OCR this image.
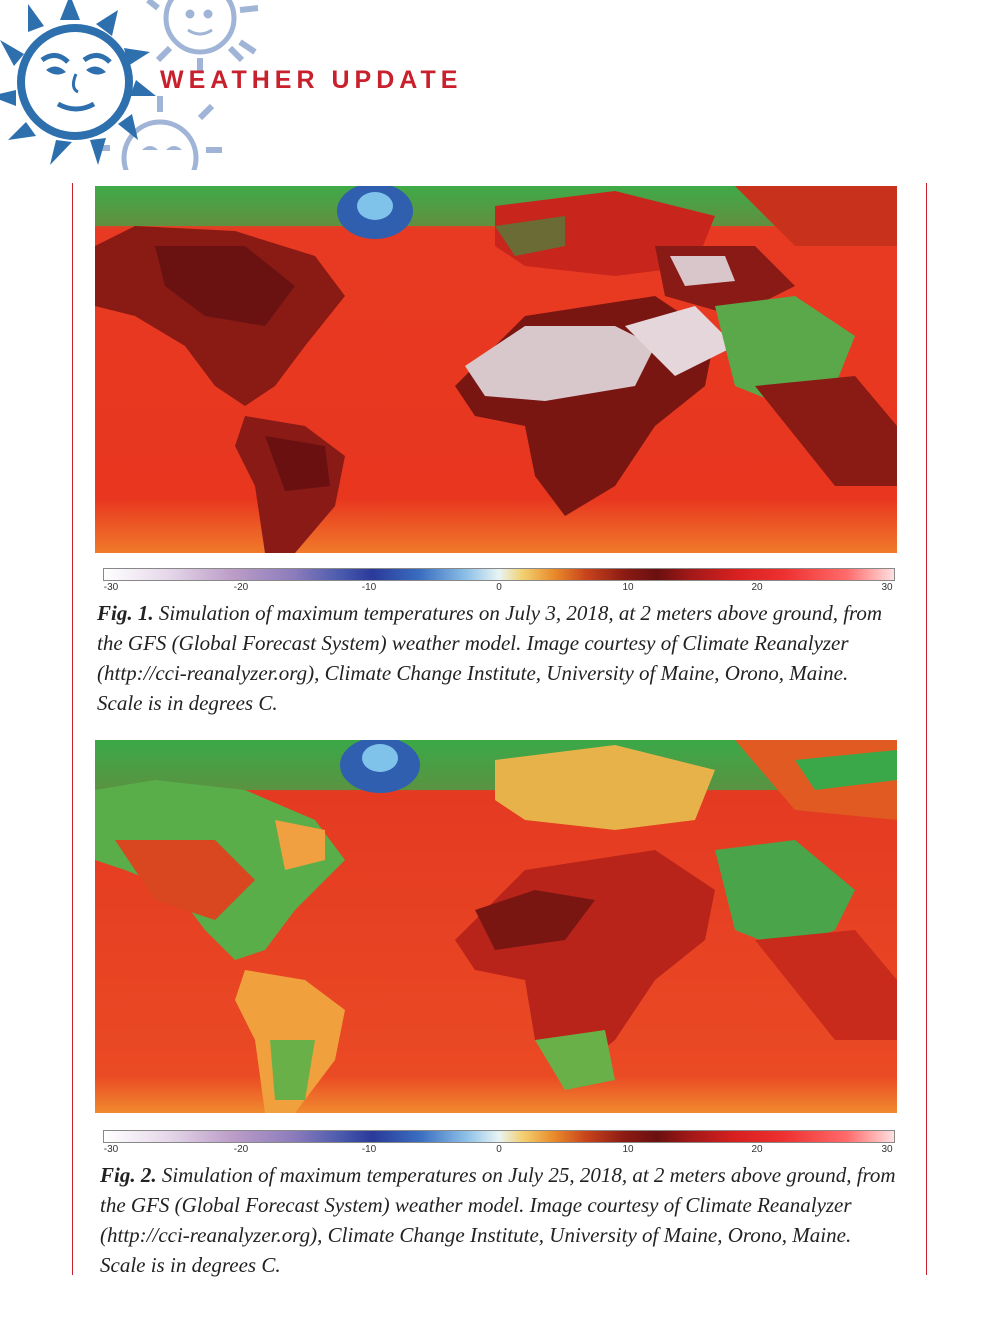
WEATHER UPDATE
-30	-20	-10	0	10	20	30

Fig. 1. Simulation of maximum temperatures on July 3, 2018, at 2 meters above ground, from the GFS (Global Forecast System) weather model. Image courtesy of Climate Reanalyzer (http://cci-reanalyzer.org), Climate Change Institute, University of Maine, Orono, Maine. Scale is in degrees C.

-30	-20	-10	0	10	20	30

Fig. 2. Simulation of maximum temperatures on July 25, 2018, at 2 meters above ground, from the GFS (Global Forecast System) weather model. Image courtesy of Climate Reanalyzer (http://cci-reanalyzer.org), Climate Change Institute, University of Maine, Orono, Maine. Scale is in degrees C.
